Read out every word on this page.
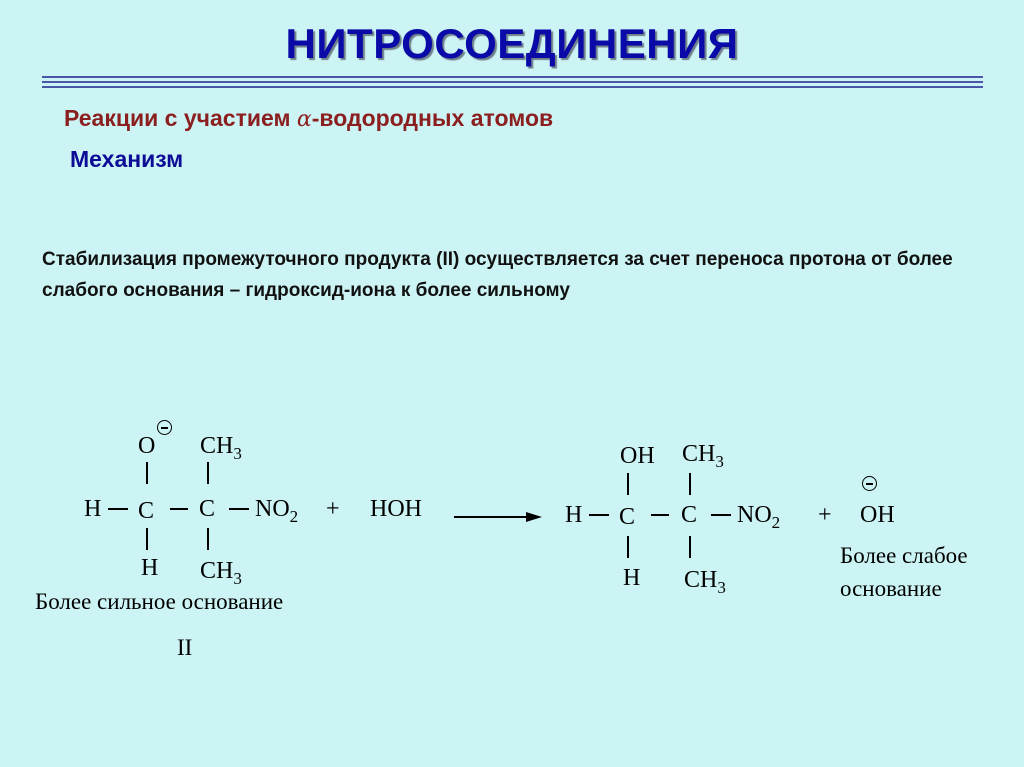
НИТРОСОЕДИНЕНИЯ
Реакции с участием α-водородных атомов
Механизм
Стабилизация промежуточного продукта (II) осуществляется за счет переноса протона от более слабого основания – гидроксид-иона к более сильному
O $CH_3$
H C C $NO_2$ + HOH
H $CH_3$
Более сильное основание
II
OH $CH_3$
H C C $NO_2$ + OH
H $CH_3$
Более слабое
основание
